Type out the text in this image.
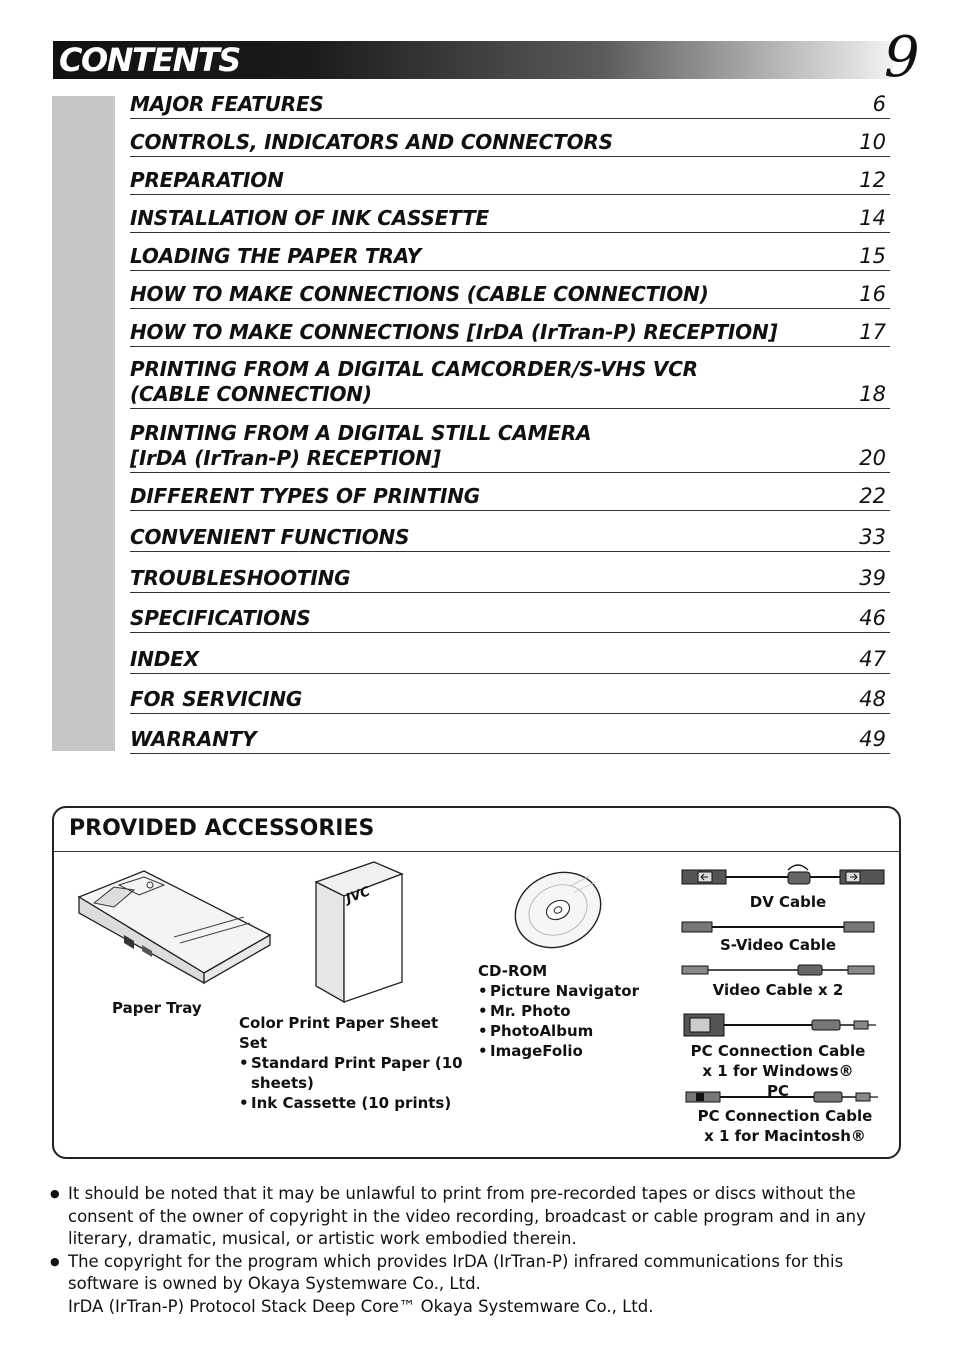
CONTENTS	9
MAJOR FEATURES	6
CONTROLS, INDICATORS AND CONNECTORS	10
PREPARATION	12
INSTALLATION OF INK CASSETTE	14
LOADING THE PAPER TRAY	15
HOW TO MAKE CONNECTIONS (CABLE CONNECTION)	16
HOW TO MAKE CONNECTIONS [IrDA (IrTran-P) RECEPTION]	17
PRINTING FROM A DIGITAL CAMCORDER/S-VHS VCR
(CABLE CONNECTION)	18
PRINTING FROM A DIGITAL STILL CAMERA
[IrDA (IrTran-P) RECEPTION]	20
DIFFERENT TYPES OF PRINTING	22
CONVENIENT FUNCTIONS	33
TROUBLESHOOTING	39
SPECIFICATIONS	46
INDEX	47
FOR SERVICING	48
WARRANTY	49
PROVIDED ACCESSORIES
Paper Tray
JVC
Color Print Paper Sheet Set
• Standard Print Paper (10 sheets)
• Ink Cassette (10 prints)
CD-ROM
• Picture Navigator
• Mr. Photo
• PhotoAlbum
• ImageFolio
DV Cable
S-Video Cable
Video Cable x 2
PC Connection Cable
x 1 for Windows® PC
PC Connection Cable
x 1 for Macintosh®
● It should be noted that it may be unlawful to print from pre-recorded tapes or discs without the consent of the owner of copyright in the video recording, broadcast or cable program and in any literary, dramatic, musical, or artistic work embodied therein.
● The copyright for the program which provides IrDA (IrTran-P) infrared communications for this software is owned by Okaya Systemware Co., Ltd.
IrDA (IrTran-P) Protocol Stack Deep Core™ Okaya Systemware Co., Ltd.
